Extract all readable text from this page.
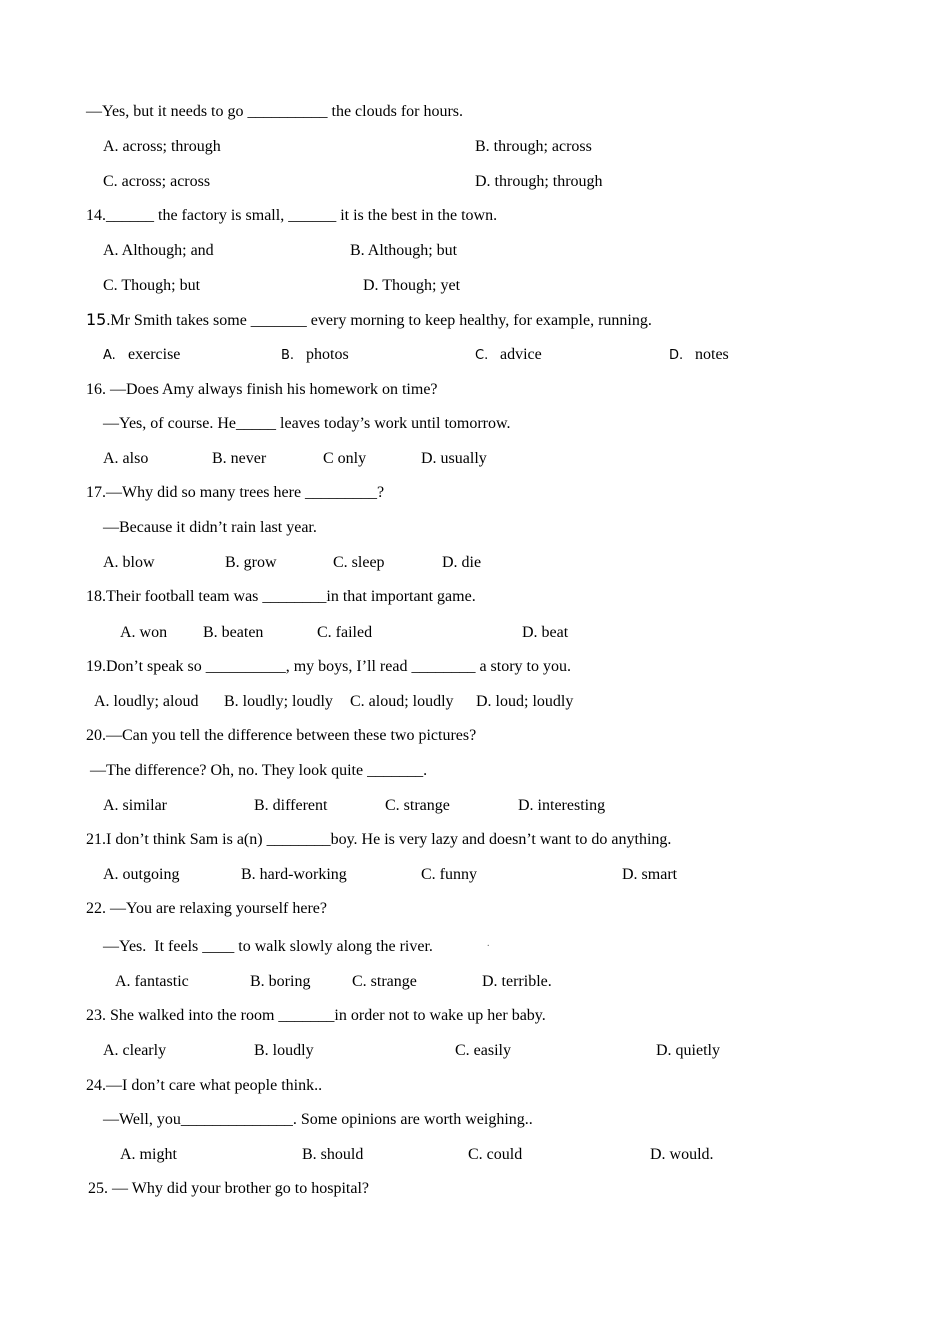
—Yes, but it needs to go __________ the clouds for hours.
A. across; through	B. through; across
C. across; across	D. through; through
14.______ the factory is small, ______ it is the best in the town.
A. Although; and	B. Although; but
C. Though; but	D. Though; yet
15.Mr Smith takes some _______ every morning to keep healthy, for example, running.
A. exercise	B. photos	C. advice	D. notes
16. —Does Amy always finish his homework on time?
—Yes, of course. He_____ leaves today’s work until tomorrow.
A. also	B. never	C only	D. usually
17.—Why did so many trees here _________?
—Because it didn’t rain last year.
A. blow	B. grow	C. sleep	D. die
18.Their football team was ________in that important game.
A. won B. beaten	C. failed	D. beat
19.Don’t speak so __________, my boys, I’ll read ________ a story to you.
A. loudly; aloud B. loudly; loudly C. aloud; loudly D. loud; loudly
20.—Can you tell the difference between these two pictures?
—The difference? Oh, no. They look quite _______.
A. similar	B. different	C. strange	D. interesting
21.I don’t think Sam is a(n) ________boy. He is very lazy and doesn’t want to do anything.
A. outgoing	B. hard-working	C. funny	D. smart
22. —You are relaxing yourself here?
—Yes.  It feels ____ to walk slowly along the river.	.
A. fantastic	B. boring	C. strange	D. terrible.
23. She walked into the room _______in order not to wake up her baby.
A. clearly	B. loudly	C. easily	D. quietly
24.—I don’t care what people think..
—Well, you______________. Some opinions are worth weighing..
A. might	B. should	C. could	D. would.
25. — Why did your brother go to hospital?
